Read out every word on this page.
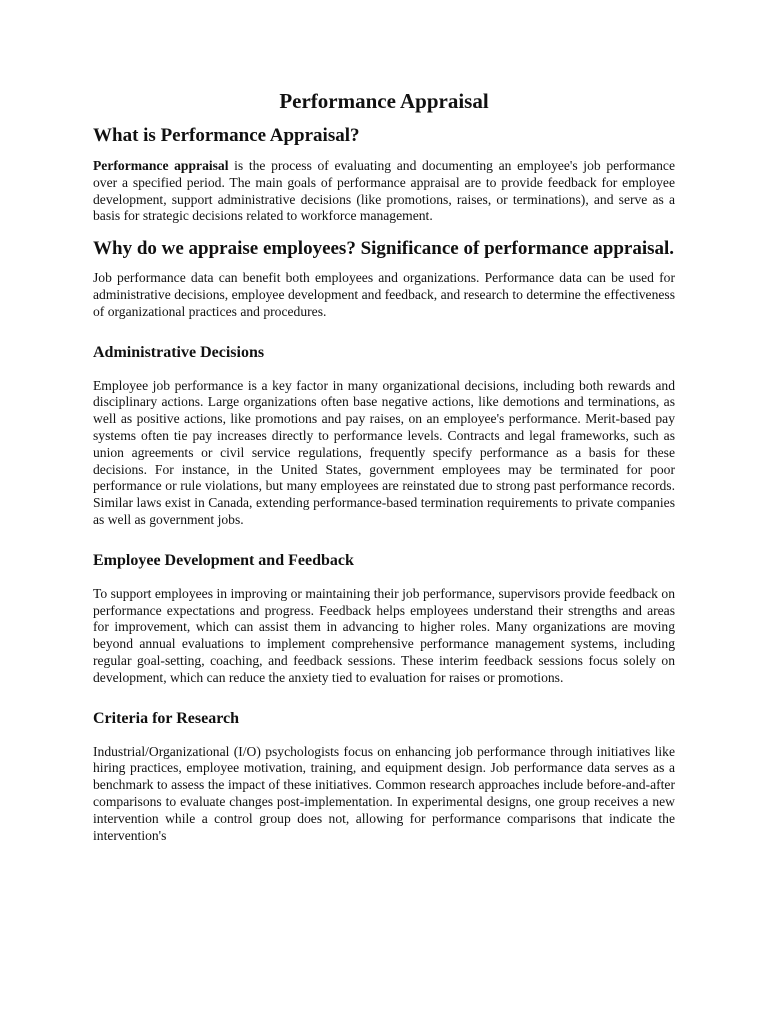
Performance Appraisal
What is Performance Appraisal?

Performance appraisal is the process of evaluating and documenting an employee's job performance over a specified period. The main goals of performance appraisal are to provide feedback for employee development, support administrative decisions (like promotions, raises, or terminations), and serve as a basis for strategic decisions related to workforce management.

Why do we appraise employees? Significance of performance appraisal.

Job performance data can benefit both employees and organizations. Performance data can be used for administrative decisions, employee development and feedback, and research to determine the effectiveness of organizational practices and procedures.

Administrative Decisions

Employee job performance is a key factor in many organizational decisions, including both rewards and disciplinary actions. Large organizations often base negative actions, like demotions and terminations, as well as positive actions, like promotions and pay raises, on an employee's performance. Merit-based pay systems often tie pay increases directly to performance levels. Contracts and legal frameworks, such as union agreements or civil service regulations, frequently specify performance as a basis for these decisions. For instance, in the United States, government employees may be terminated for poor performance or rule violations, but many employees are reinstated due to strong past performance records. Similar laws exist in Canada, extending performance-based termination requirements to private companies as well as government jobs.

Employee Development and Feedback

To support employees in improving or maintaining their job performance, supervisors provide feedback on performance expectations and progress. Feedback helps employees understand their strengths and areas for improvement, which can assist them in advancing to higher roles. Many organizations are moving beyond annual evaluations to implement comprehensive performance management systems, including regular goal-setting, coaching, and feedback sessions. These interim feedback sessions focus solely on development, which can reduce the anxiety tied to evaluation for raises or promotions.

Criteria for Research

Industrial/Organizational (I/O) psychologists focus on enhancing job performance through initiatives like hiring practices, employee motivation, training, and equipment design. Job performance data serves as a benchmark to assess the impact of these initiatives. Common research approaches include before-and-after comparisons to evaluate changes post-implementation. In experimental designs, one group receives a new intervention while a control group does not, allowing for performance comparisons that indicate the intervention's
